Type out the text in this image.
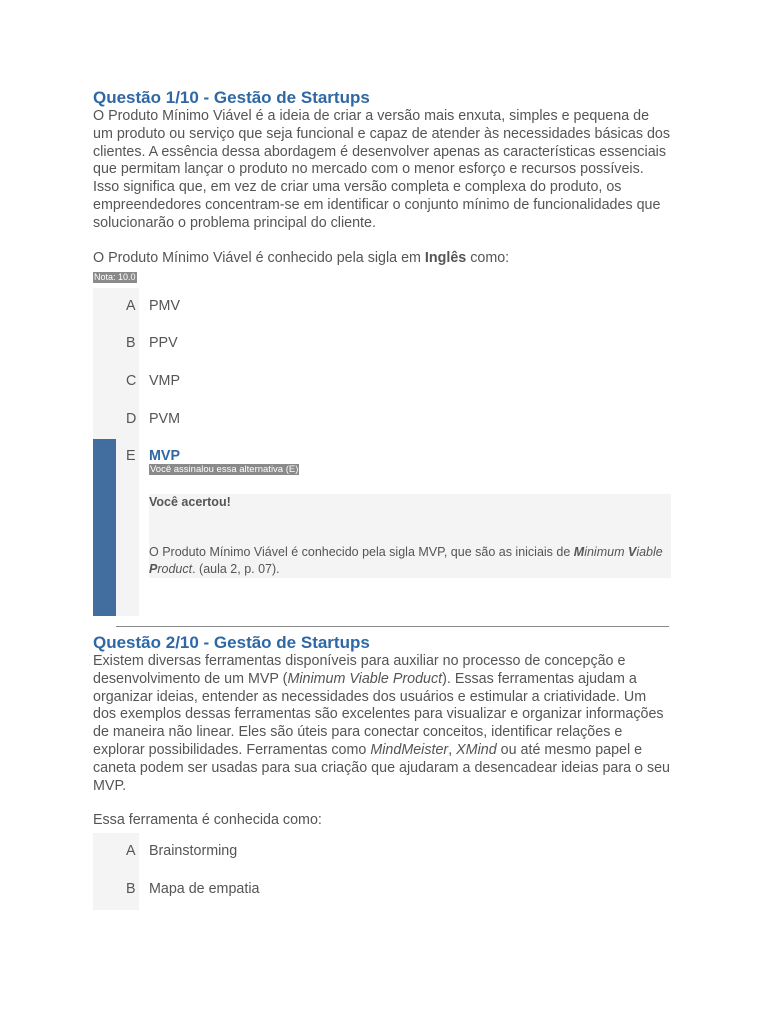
Questão 1/10 - Gestão de Startups

O Produto Mínimo Viável é a ideia de criar a versão mais enxuta, simples e pequena de um produto ou serviço que seja funcional e capaz de atender às necessidades básicas dos clientes. A essência dessa abordagem é desenvolver apenas as características essenciais que permitam lançar o produto no mercado com o menor esforço e recursos possíveis. Isso significa que, em vez de criar uma versão completa e complexa do produto, os empreendedores concentram-se em identificar o conjunto mínimo de funcionalidades que solucionarão o problema principal do cliente.

O Produto Mínimo Viável é conhecido pela sigla em Inglês como:

Nota: 10.0
A PMV
B PPV
C VMP
D PVM
E MVP
Você assinalou essa alternativa (E)
Você acertou!
O Produto Mínimo Viável é conhecido pela sigla MVP, que são as iniciais de Minimum Viable Product. (aula 2, p. 07).
Questão 2/10 - Gestão de Startups

Existem diversas ferramentas disponíveis para auxiliar no processo de concepção e desenvolvimento de um MVP (Minimum Viable Product). Essas ferramentas ajudam a organizar ideias, entender as necessidades dos usuários e estimular a criatividade. Um dos exemplos dessas ferramentas são excelentes para visualizar e organizar informações de maneira não linear. Eles são úteis para conectar conceitos, identificar relações e explorar possibilidades. Ferramentas como MindMeister, XMind ou até mesmo papel e caneta podem ser usadas para sua criação que ajudaram a desencadear ideias para o seu MVP.

Essa ferramenta é conhecida como:

A Brainstorming
B Mapa de empatia
